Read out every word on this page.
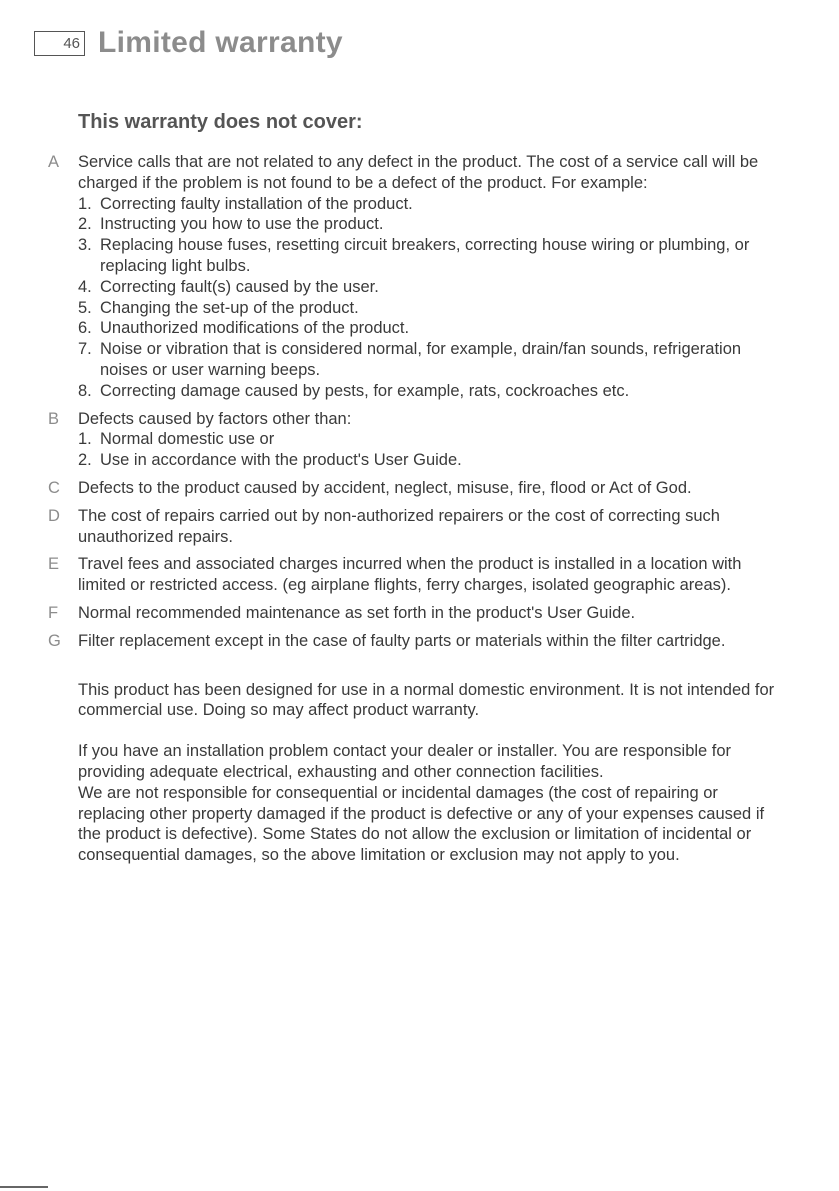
46 Limited warranty
This warranty does not cover:
A	Service calls that are not related to any defect in the product. The cost of a service call will be charged if the problem is not found to be a defect of the product. For example:
1. Correcting faulty installation of the product.
2. Instructing you how to use the product.
3. Replacing house fuses, resetting circuit breakers, correcting house wiring or plumbing, or replacing light bulbs.
4. Correcting fault(s) caused by the user.
5. Changing the set-up of the product.
6. Unauthorized modifications of the product.
7. Noise or vibration that is considered normal, for example, drain/fan sounds, refrigeration noises or user warning beeps.
8. Correcting damage caused by pests, for example, rats, cockroaches etc.
B	Defects caused by factors other than:
1. Normal domestic use or
2. Use in accordance with the product's User Guide.
C	Defects to the product caused by accident, neglect, misuse, fire, flood or Act of God.
D	The cost of repairs carried out by non-authorized repairers or the cost of correcting such unauthorized repairs.
E	Travel fees and associated charges incurred when the product is installed in a location with limited or restricted access. (eg airplane flights, ferry charges, isolated geographic areas).
F	Normal recommended maintenance as set forth in the product's User Guide.
G	Filter replacement except in the case of faulty parts or materials within the filter cartridge.

This product has been designed for use in a normal domestic environment. It is not intended for commercial use. Doing so may affect product warranty.

If you have an installation problem contact your dealer or installer. You are responsible for providing adequate electrical, exhausting and other connection facilities.

We are not responsible for consequential or incidental damages (the cost of repairing or replacing other property damaged if the product is defective or any of your expenses caused if the product is defective). Some States do not allow the exclusion or limitation of incidental or consequential damages, so the above limitation or exclusion may not apply to you.
